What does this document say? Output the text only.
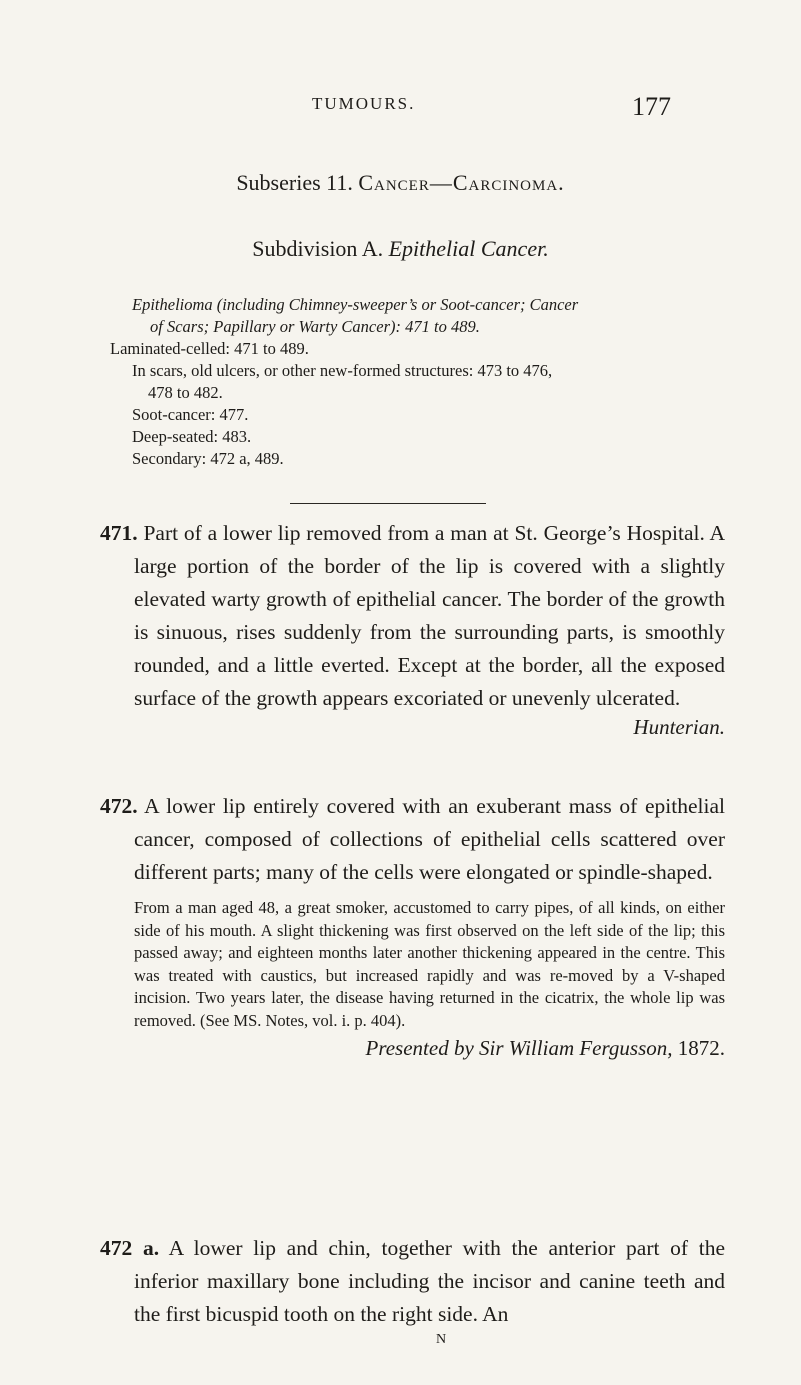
TUMOURS.	177
Subseries 11. Cancer—Carcinoma.
Subdivision A. Epithelial Cancer.
Epithelioma (including Chimney-sweeper’s or Soot-cancer; Cancer
of Scars; Papillary or Warty Cancer): 471 to 489.
Laminated-celled: 471 to 489.
In scars, old ulcers, or other new-formed structures: 473 to 476,
478 to 482.
Soot-cancer: 477.
Deep-seated: 483.
Secondary: 472 a, 489.

471. Part of a lower lip removed from a man at St. George’s Hospital. A large portion of the border of the lip is covered with a slightly elevated warty growth of epithelial cancer. The border of the growth is sinuous, rises suddenly from the surrounding parts, is smoothly rounded, and a little everted. Except at the border, all the exposed surface of the growth appears excoriated or unevenly ulcerated.

Hunterian.

472. A lower lip entirely covered with an exuberant mass of epithelial cancer, composed of collections of epithelial cells scattered over different parts; many of the cells were elongated or spindle-shaped.

From a man aged 48, a great smoker, accustomed to carry pipes, of all kinds, on either side of his mouth. A slight thickening was first observed on the left side of the lip; this passed away; and eighteen months later another thickening appeared in the centre. This was treated with caustics, but increased rapidly and was re-moved by a V-shaped incision. Two years later, the disease having returned in the cicatrix, the whole lip was removed. (See MS. Notes, vol. i. p. 404).

Presented by Sir William Fergusson, 1872.

472 a. A lower lip and chin, together with the anterior part of the inferior maxillary bone including the incisor and canine teeth and the first bicuspid tooth on the right side. An

N
